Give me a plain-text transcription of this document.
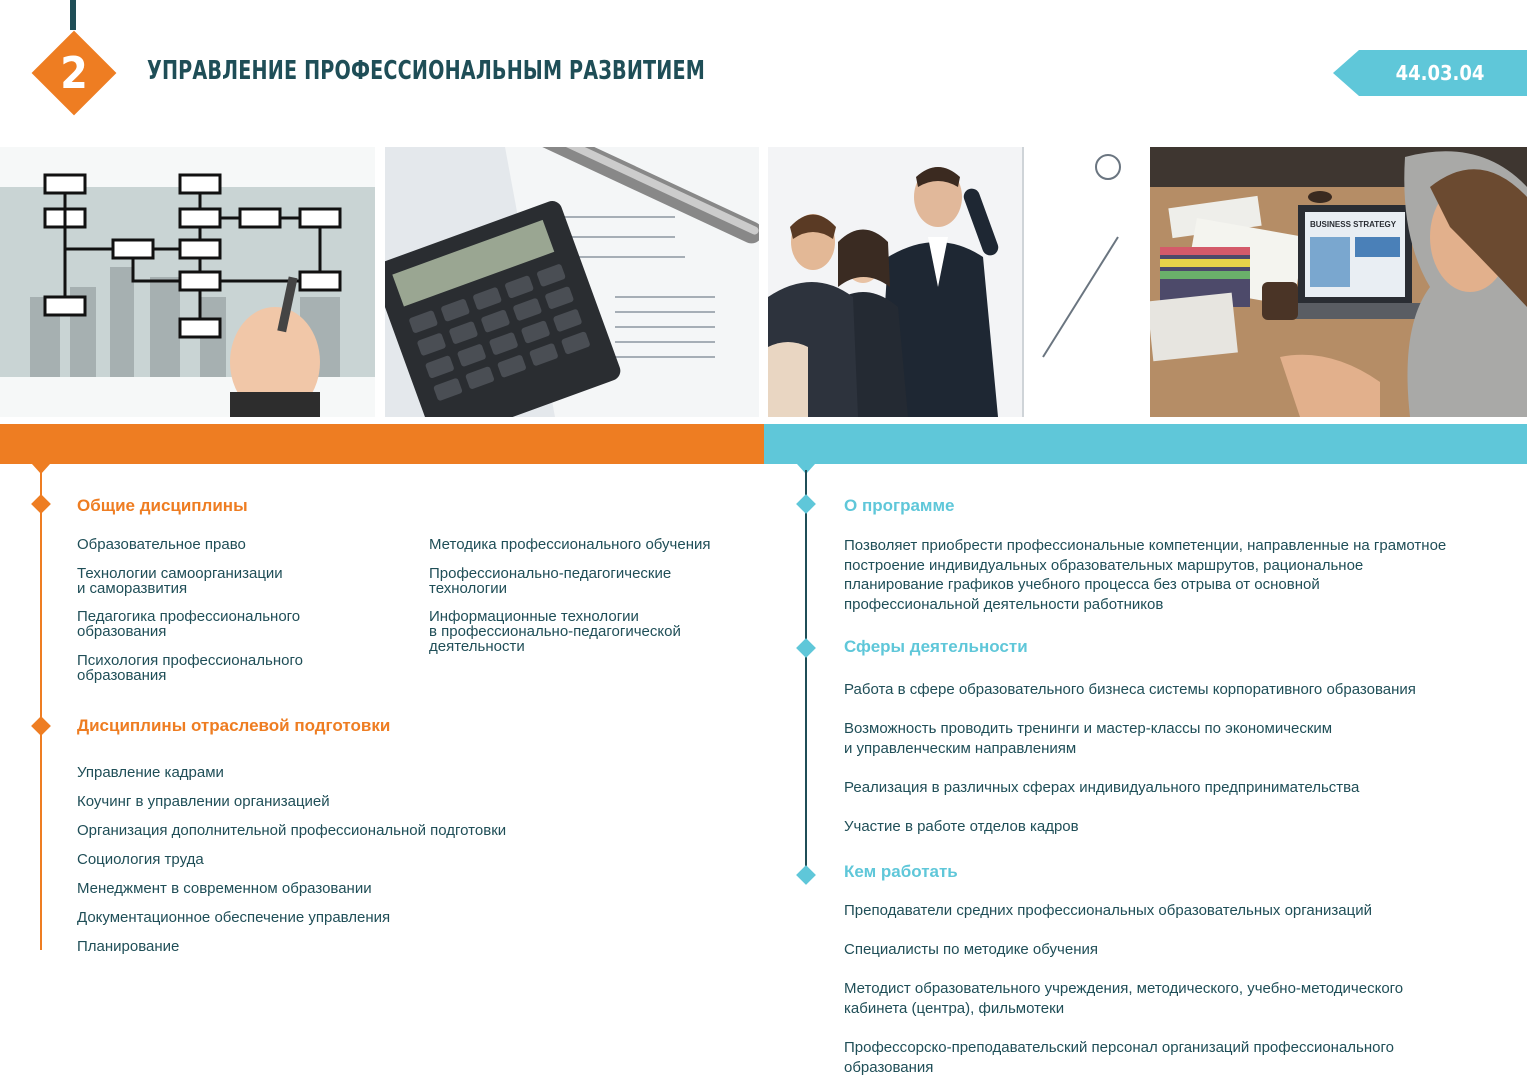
2	УПРАВЛЕНИЕ ПРОФЕССИОНАЛЬНЫМ РАЗВИТИЕМ	44.03.04
BUSINESS STRATEGY
Общие дисциплины
Образовательное право
Технологии самоорганизации
и саморазвития
Педагогика профессионального
образования
Психология профессионального
образования
Методика профессионального обучения
Профессионально-педагогические
технологии
Информационные технологии
в профессионально-педагогической
деятельности
Дисциплины отраслевой подготовки
Управление кадрами
Коучинг в управлении организацией
Организация дополнительной профессиональной подготовки
Социология труда
Менеджмент в современном образовании
Документационное обеспечение управления
Планирование
О программе
Позволяет приобрести профессиональные компетенции, направленные на грамотное
построение индивидуальных образовательных маршрутов, рациональное
планирование графиков учебного процесса без отрыва от основной
профессиональной деятельности работников
Сферы деятельности
Работа в сфере образовательного бизнеса системы корпоративного образования
Возможность проводить тренинги и мастер-классы по экономическим
и управленческим направлениям
Реализация в различных сферах индивидуального предпринимательства
Участие в работе отделов кадров
Кем работать
Преподаватели средних профессиональных образовательных организаций
Специалисты по методике обучения
Методист образовательного учреждения, методического, учебно-методического
кабинета (центра), фильмотеки
Профессорско-преподавательский персонал организаций профессионального
образования
